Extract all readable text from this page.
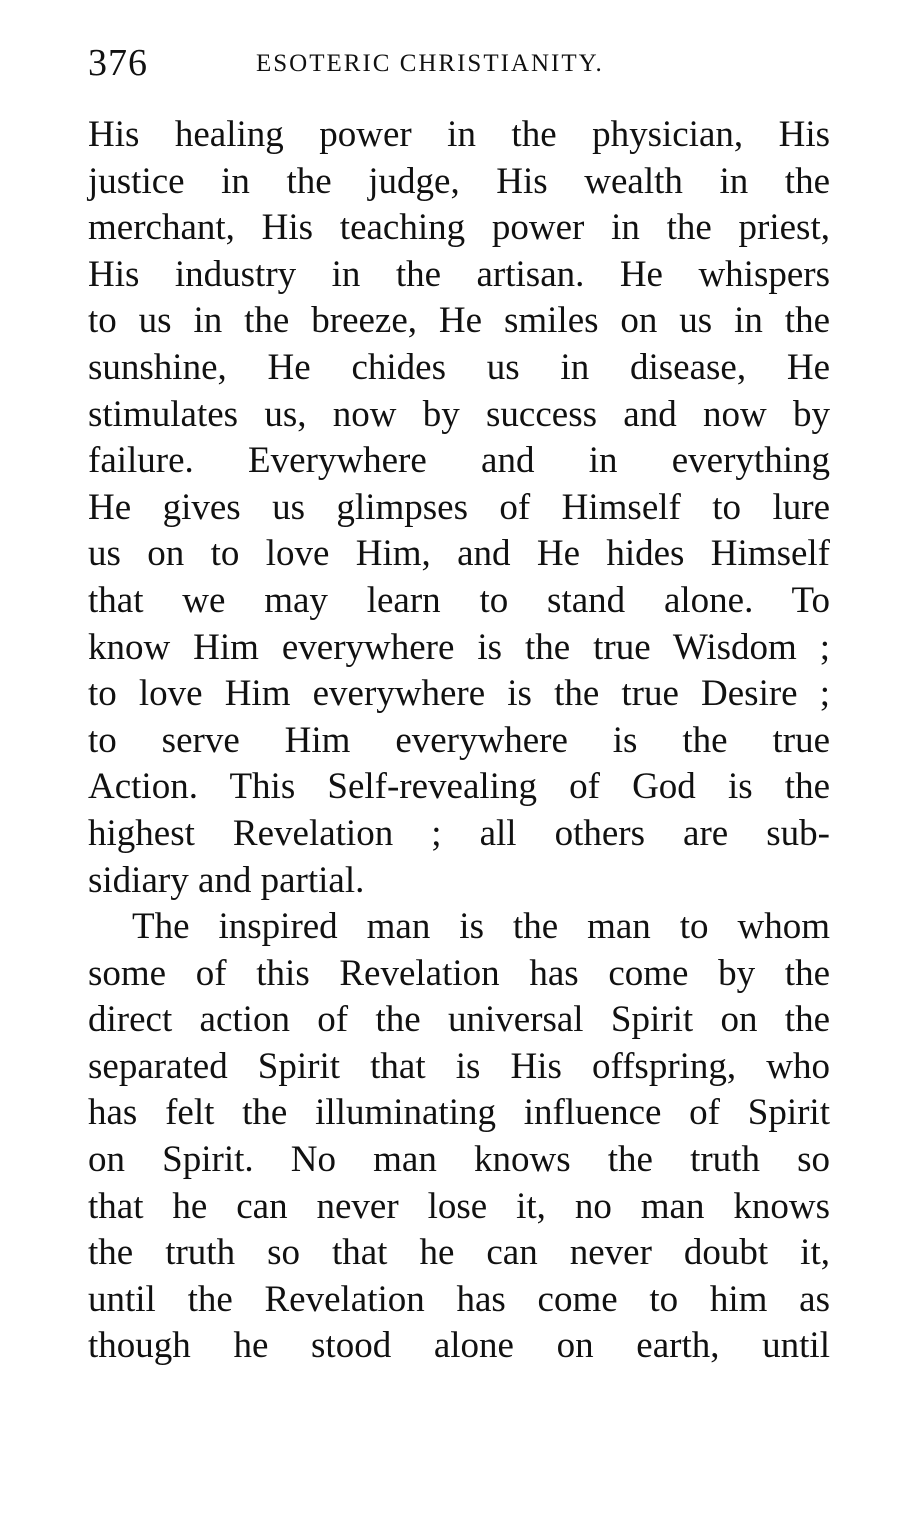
376	ESOTERIC CHRISTIANITY.
His healing power in the physician, His
justice in the judge, His wealth in the
merchant, His teaching power in the priest,
His industry in the artisan. He whispers
to us in the breeze, He smiles on us in the
sunshine, He chides us in disease, He
stimulates us, now by success and now by
failure. Everywhere and in everything
He gives us glimpses of Himself to lure
us on to love Him, and He hides Himself
that we may learn to stand alone. To
know Him everywhere is the true Wisdom ;
to love Him everywhere is the true Desire ;
to serve Him everywhere is the true
Action. This Self-revealing of God is the
highest Revelation ; all others are sub-
sidiary and partial.
The inspired man is the man to whom
some of this Revelation has come by the
direct action of the universal Spirit on the
separated Spirit that is His offspring, who
has felt the illuminating influence of Spirit
on Spirit. No man knows the truth so
that he can never lose it, no man knows
the truth so that he can never doubt it,
until the Revelation has come to him as
though he stood alone on earth, until
